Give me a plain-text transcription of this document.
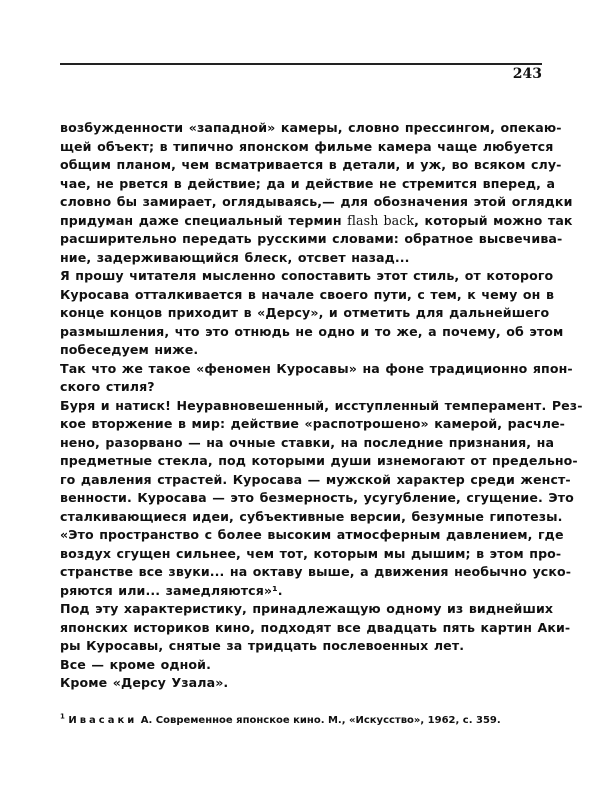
243
возбужденности «западной» камеры, словно прессингом, опекаю-
щей объект; в типично японском фильме камера чаще любуется
общим планом, чем всматривается в детали, и уж, во всяком слу-
чае, не рвется в действие; да и действие не стремится вперед, а
словно бы замирает, оглядываясь,— для обозначения этой оглядки
придуман даже специальный термин flash back, который можно так
расширительно передать русскими словами: обратное высвечива-
ние, задерживающийся блеск, отсвет назад...
Я прошу читателя мысленно сопоставить этот стиль, от которого
Куросава отталкивается в начале своего пути, с тем, к чему он в
конце концов приходит в «Дерсу», и отметить для дальнейшего
размышления, что это отнюдь не одно и то же, а почему, об этом
побеседуем ниже.
Так что же такое «феномен Куросавы» на фоне традиционно япон-
ского стиля?
Буря и натиск! Неуравновешенный, исступленный темперамент. Рез-
кое вторжение в мир: действие «распотрошено» камерой, расчле-
нено, разорвано — на очные ставки, на последние признания, на
предметные стекла, под которыми души изнемогают от предельно-
го давления страстей. Куросава — мужской характер среди женст-
венности. Куросава — это безмерность, усугубление, сгущение. Это
сталкивающиеся идеи, субъективные версии, безумные гипотезы.
«Это пространство с более высоким атмосферным давлением, где
воздух сгущен сильнее, чем тот, которым мы дышим; в этом про-
странстве все звуки... на октаву выше, а движения необычно уско-
ряются или... замедляются»¹.
Под эту характеристику, принадлежащую одному из виднейших
японских историков кино, подходят все двадцать пять картин Аки-
ры Куросавы, снятые за тридцать послевоенных лет.
Все — кроме одной.
Кроме «Дерсу Узала».
$^1$ Ивасаки А. Современное японское кино. М., «Искусство», 1962, с. 359.
